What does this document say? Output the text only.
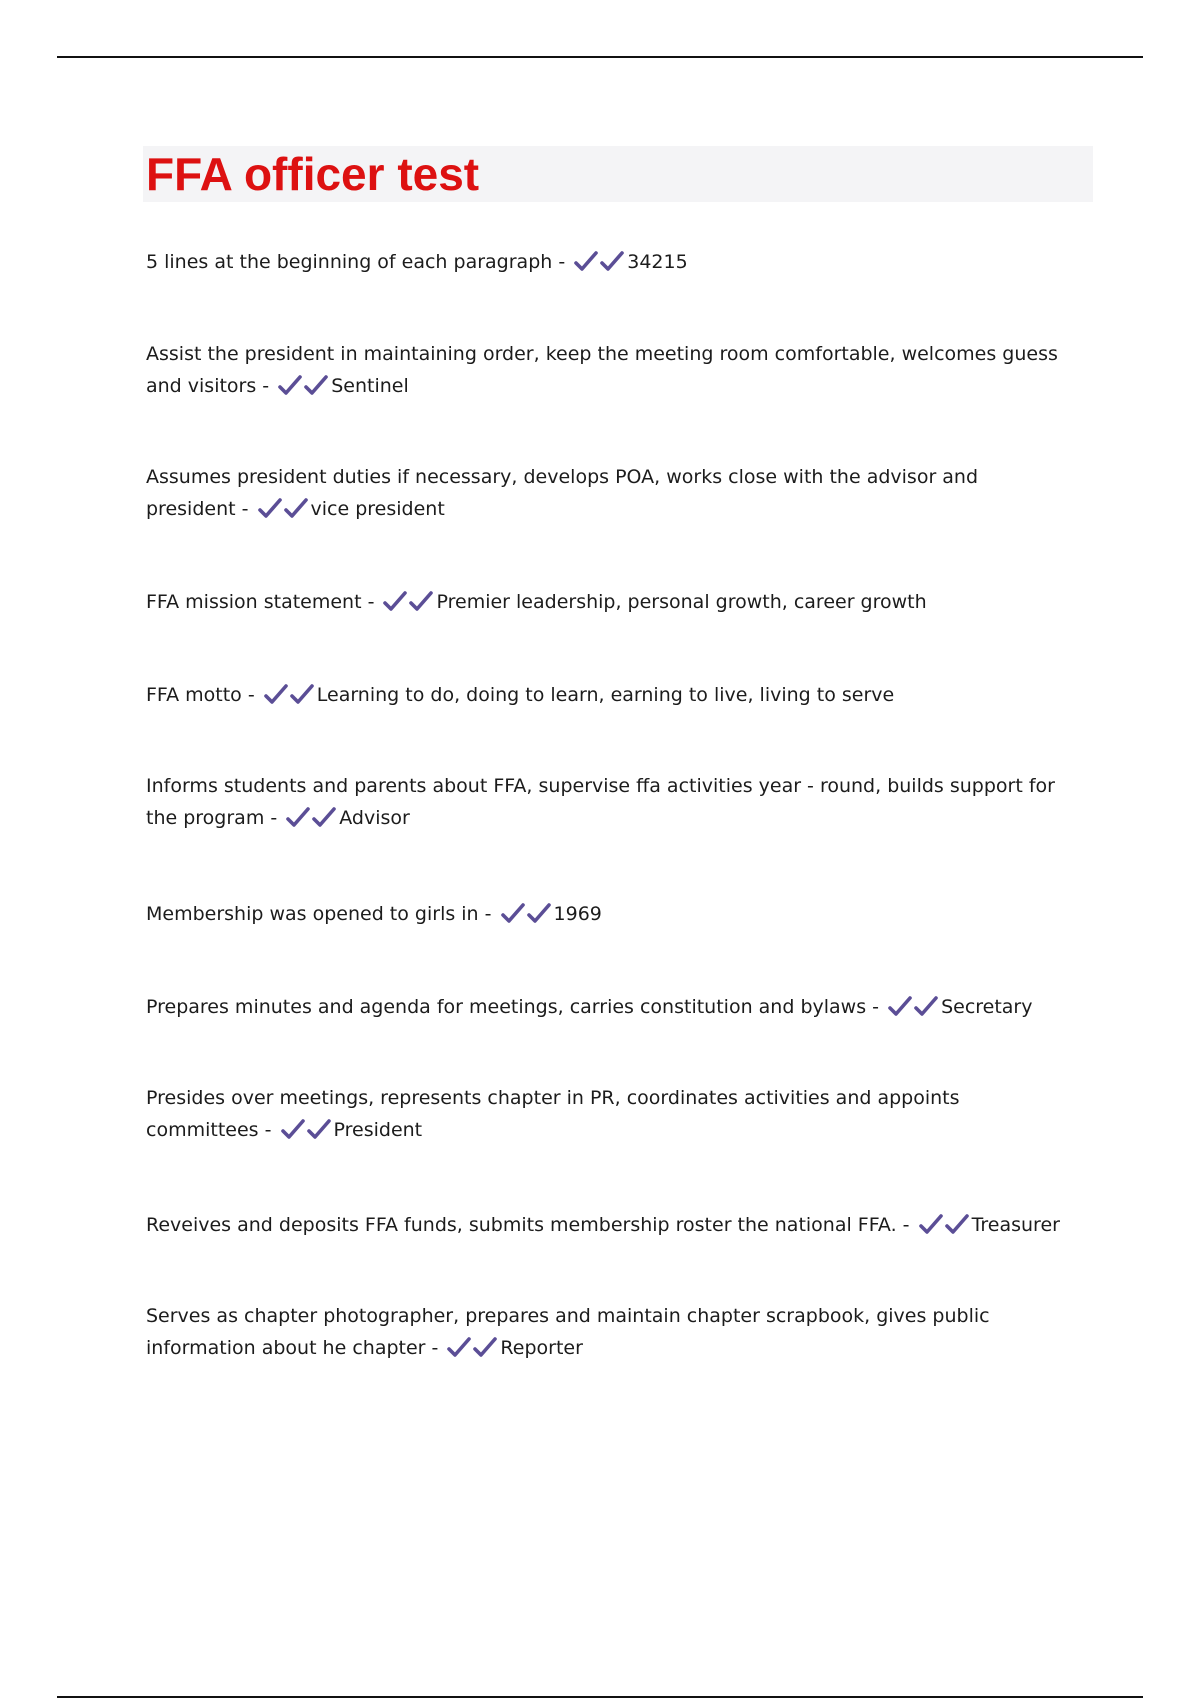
FFA officer test

5 lines at the beginning of each paragraph -	34215

Assist the president in maintaining order, keep the meeting room comfortable, welcomes guess and visitors -	Sentinel

Assumes president duties if necessary, develops POA, works close with the advisor and president -	vice president

FFA mission statement -	Premier leadership, personal growth, career growth

FFA motto -	Learning to do, doing to learn, earning to live, living to serve

Informs students and parents about FFA, supervise ffa activities year - round, builds support for the program -	Advisor

Membership was opened to girls in -	1969

Prepares minutes and agenda for meetings, carries constitution and bylaws -	Secretary

Presides over meetings, represents chapter in PR, coordinates activities and appoints committees -	President

Reveives and deposits FFA funds, submits membership roster the national FFA. -	Treasurer

Serves as chapter photographer, prepares and maintain chapter scrapbook, gives public information about he chapter -	Reporter
